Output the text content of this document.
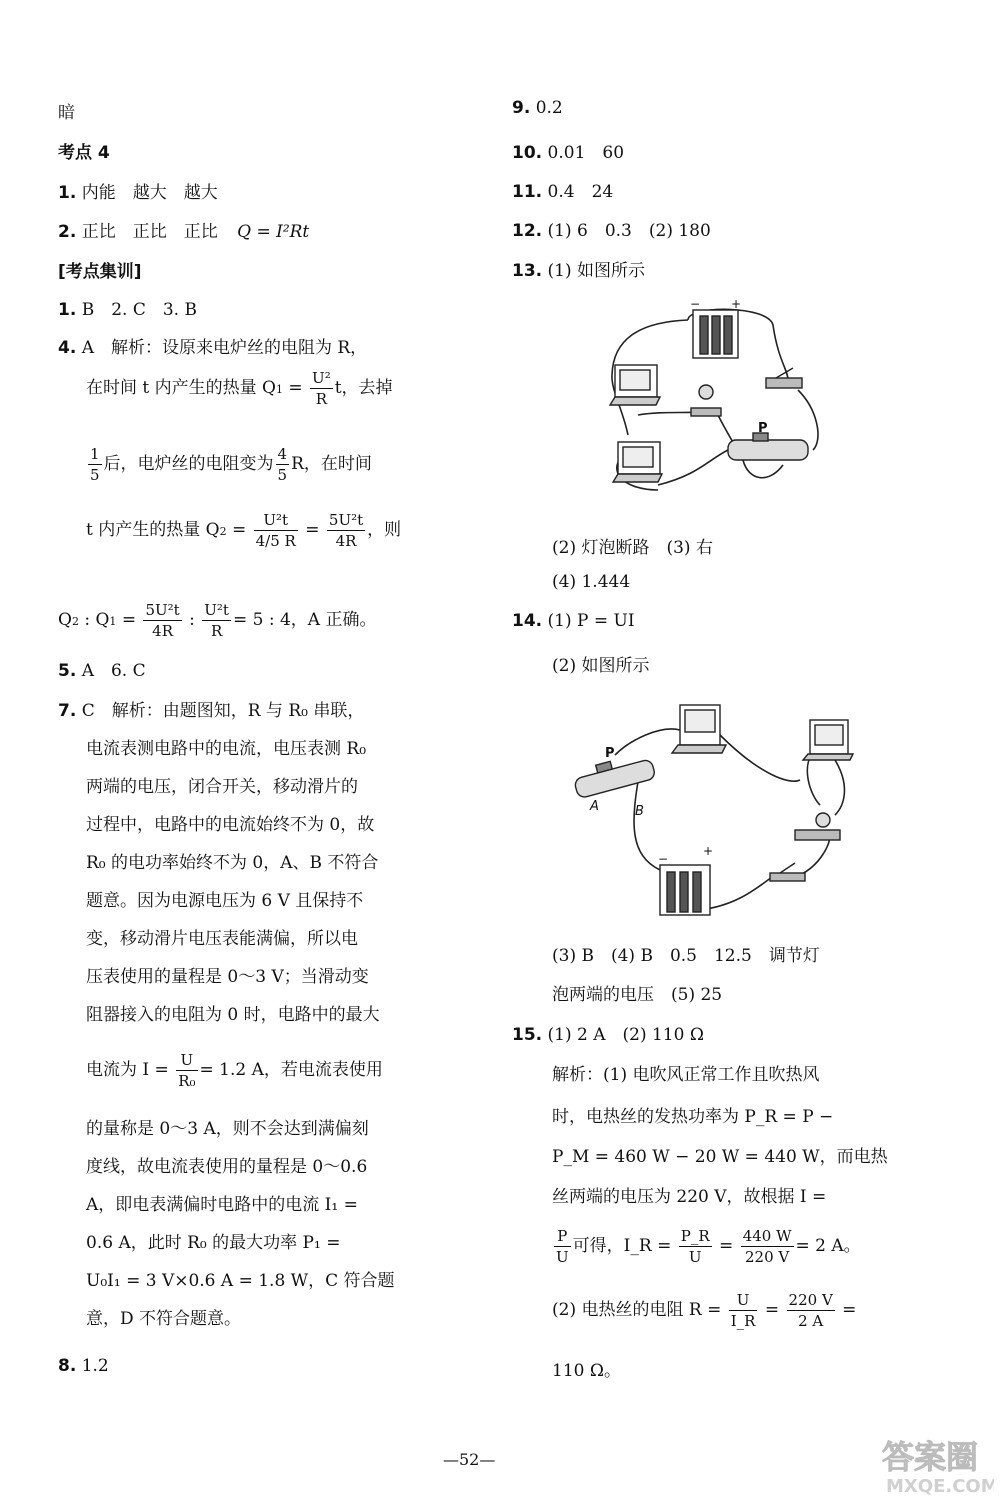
暗
考点 4
1. 内能　越大　越大
2. 正比　正比　正比 Q = I²Rt
[考点集训]
1. B　2. C　3. B
4. A　解析：设原来电炉丝的电阻为 R，
在时间 t 内产生的热量 $Q1 = \frac{\text{U²}}{R}$ t，去掉
$\frac{1}{5}$ 后，电炉丝的电阻变为 $\frac{4}{5}$ R，在时间
t 内产生的热量 $Q2 = \frac{\text{U²t}}{4/5 R} = \frac{\text{5U²t}}{4R}$ ，则
Q2 : $Q1 = \frac{\text{5U²t}}{4R}$ : $\frac{\text{U²t}}{R} = 5$ : 4，A 正确。
5. A　6. C
7. C　解析：由题图知，R 与 R₀ 串联，
电流表测电路中的电流，电压表测 R₀
两端的电压，闭合开关，移动滑片的
过程中，电路中的电流始终不为 0，故
R₀ 的电功率始终不为 0，A、B 不符合
题意。因为电源电压为 6 V 且保持不
变，移动滑片电压表能满偏，所以电
压表使用的量程是 0～3 V；当滑动变
阻器接入的电阻为 0 时，电路中的最大
电流为 $I = \frac{U}{\text{R₀}} = 1.2$ A，若电流表使用
的量称是 0～3 A，则不会达到满偏刻
度线，故电流表使用的量程是 0～0.6
A，即电表满偏时电路中的电流 I₁ =
0.6 A，此时 R₀ 的最大功率 P₁ =
U₀I₁ = 3 V×0.6 A = 1.8 W，C 符合题
意，D 不符合题意。
8. 1.2
9. 0.2
10. 0.01　60
11. 0.4　24
12. (1) 6　0.3　(2) 180
13. (1) 如图所示
(2) 灯泡断路　(3) 右
(4) 1.444
14. (1) P = UI
(2) 如图所示
(3) B　(4) B　0.5　12.5　调节灯
泡两端的电压　(5) 25
15. (1) 2 A　(2) 110 Ω
解析：(1) 电吹风正常工作且吹热风
时，电热丝的发热功率为 P_R = P −
P_M = 460 W − 20 W = 440 W，而电热
丝两端的电压为 220 V，故根据 I =
$\frac{P}{U}$ 可得，I_R = $\frac{P\_R}{U} = \frac{440 W}{220 V} = 2$ A。
(2) 电热丝的电阻 $R = \frac{U}{I\_R} = \frac{220 V}{2 A}$ =
110 Ω。
−	+
P
−
+
P
A	B
—52—	答案圈
MXQE.COM
